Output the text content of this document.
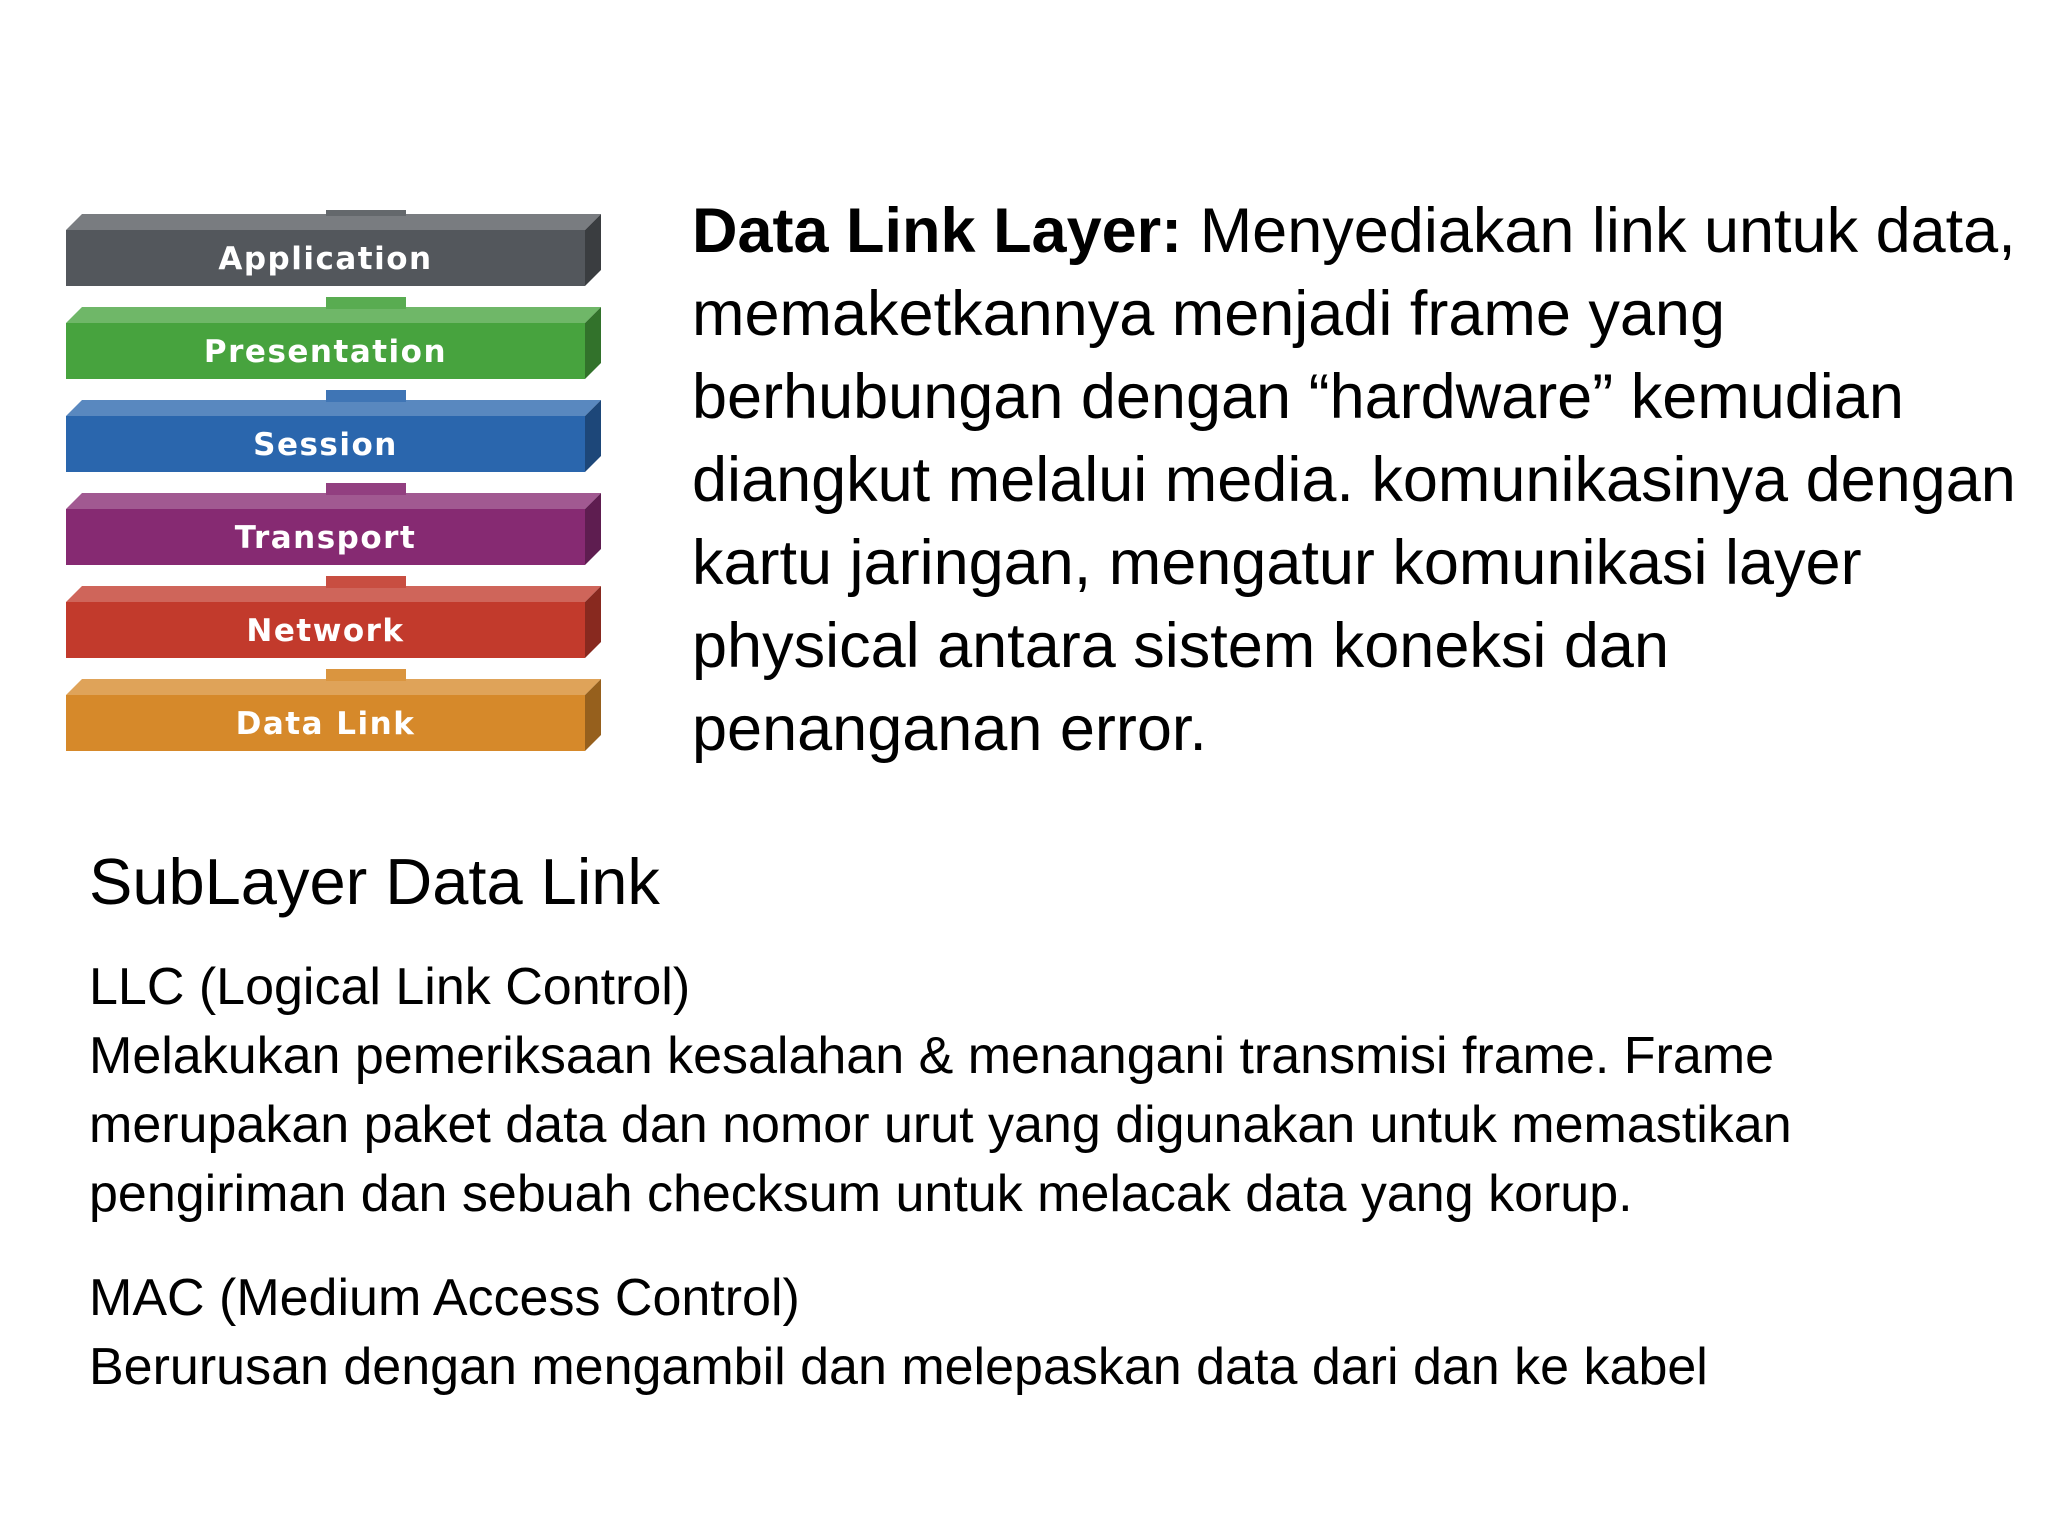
Data Link
Network
Transport
Session
Presentation
Application	Data Link Layer: Menyediakan link untuk data, memaketkannya menjadi frame yang berhubungan dengan “hardware” kemudian diangkut melalui media. komunikasinya dengan kartu jaringan, mengatur komunikasi layer physical antara sistem koneksi dan penanganan error.

SubLayer Data Link

LLC (Logical Link Control)

Melakukan pemeriksaan kesalahan & menangani transmisi frame. Frame merupakan paket data dan nomor urut yang digunakan untuk memastikan pengiriman dan sebuah checksum untuk melacak data yang korup.

MAC (Medium Access Control)

Berurusan dengan mengambil dan melepaskan data dari dan ke kabel
